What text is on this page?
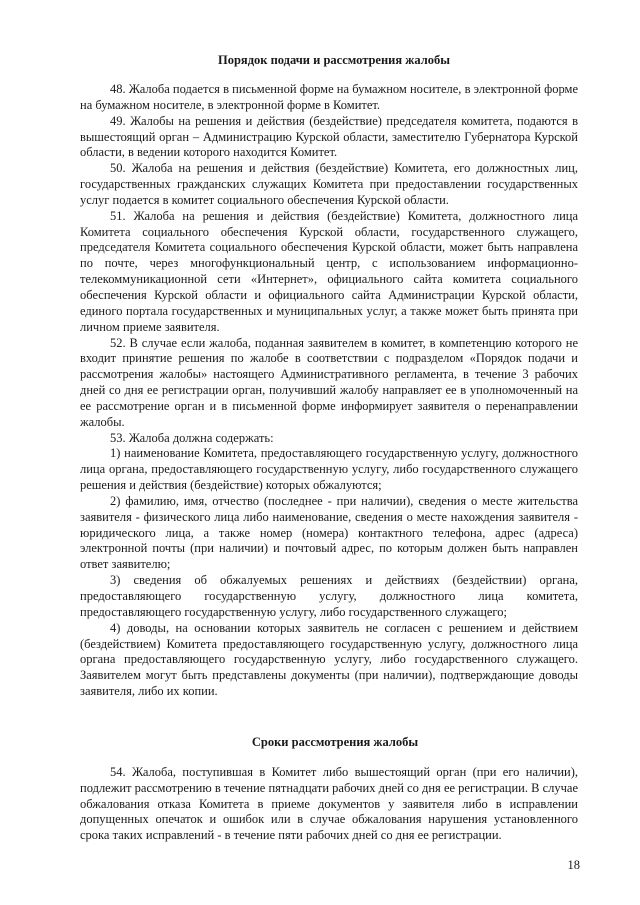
Порядок подачи и рассмотрения жалобы

48. Жалоба подается в письменной форме на бумажном носителе, в электронной форме на бумажном носителе, в электронной форме в Комитет.

49. Жалобы на решения и действия (бездействие) председателя комитета, подаются в вышестоящий орган – Администрацию Курской области, заместителю Губернатора Курской области, в ведении которого находится Комитет.

50. Жалоба на решения и действия (бездействие) Комитета, его должностных лиц, государственных гражданских служащих Комитета при предоставлении государственных услуг подается в комитет социального обеспечения Курской области.

51. Жалоба на решения и действия (бездействие) Комитета, должностного лица Комитета социального обеспечения Курской области, государственного служащего, председателя Комитета социального обеспечения Курской области, может быть направлена по почте, через многофункциональный центр, с использованием информационно-телекоммуникационной сети «Интернет», официального сайта комитета социального обеспечения Курской области и официального сайта Администрации Курской области, единого портала государственных и муниципальных услуг, а также может быть принята при личном приеме заявителя.

52. В случае если жалоба, поданная заявителем в комитет, в компетенцию которого не входит принятие решения по жалобе в соответствии с подразделом «Порядок подачи и рассмотрения жалобы» настоящего Административного регламента, в течение 3 рабочих дней со дня ее регистрации орган, получивший жалобу направляет ее в уполномоченный на ее рассмотрение орган и в письменной форме информирует заявителя о перенаправлении жалобы.

53. Жалоба должна содержать:

1) наименование Комитета, предоставляющего государственную услугу, должностного лица органа, предоставляющего государственную услугу, либо государственного служащего решения и действия (бездействие) которых обжалуются;

2) фамилию, имя, отчество (последнее - при наличии), сведения о месте жительства заявителя - физического лица либо наименование, сведения о месте нахождения заявителя - юридического лица, а также номер (номера) контактного телефона, адрес (адреса) электронной почты (при наличии) и почтовый адрес, по которым должен быть направлен ответ заявителю;

3) сведения об обжалуемых решениях и действиях (бездействии) органа, предоставляющего государственную услугу, должностного лица комитета, предоставляющего государственную услугу, либо государственного служащего;

4) доводы, на основании которых заявитель не согласен с решением и действием (бездействием) Комитета предоставляющего государственную услугу, должностного лица органа предоставляющего государственную услугу, либо государственного служащего. Заявителем могут быть представлены документы (при наличии), подтверждающие доводы заявителя, либо их копии.

Сроки рассмотрения жалобы

54. Жалоба, поступившая в Комитет либо вышестоящий орган (при его наличии), подлежит рассмотрению в течение пятнадцати рабочих дней со дня ее регистрации. В случае обжалования отказа Комитета в приеме документов у заявителя либо в исправлении допущенных опечаток и ошибок или в случае обжалования нарушения установленного срока таких исправлений - в течение пяти рабочих дней со дня ее регистрации.

18
